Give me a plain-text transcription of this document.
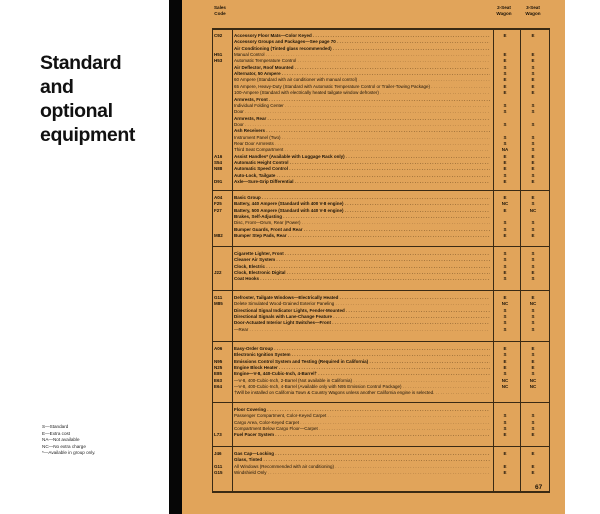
Standard
and
optional
equipment
S—Standard
E—Extra cost
NA—Not available
NC—No extra charge
*—Available in group only.
Sales Code
2-Seat Wagon
3-Seat Wagon
C92	Accessory Floor Mats—Color Keyed . . .	E	E
Accessory Groups and Packages—See page 70 . . .
Air Conditioning (Tinted glass recommended) . . .
H51	Manual Control . . .	E	E
H53	Automatic Temperature Control . . .	E	E
Air Deflector, Roof Mounted . . .	S	S
Alternator, 50 Ampere . . .	S	S
60 Ampere (Standard with air conditioner with manual control) . . .	E	E
65 Ampere, Heavy-Duty (Standard with Automatic Temperature Control or Trailer-Towing Package) . . .	E	E
100-Ampere (Standard with electrically heated tailgate window defroster) . . .	E	E
Armrests, Front . . .
Individual Folding Center . . .	S	S
Door . . .	S	S
Armrests, Rear . . .
Door . . .	S	S
Ash Receivers . . .
Instrument Panel (Two) . . .	S	S
Rear Door Armrests . . .	S	S
Third Seat Compartment . . .	NA	S
A16	Assist Handles* (Available with Luggage Rack only) . . .	E	E
S54	Automatic Height Control . . .	E	E
N88	Automatic Speed Control . . .	E	E
Auto-Lock, Tailgate . . .	S	S
D91	Axle—Sure-Grip Differential . . .	E	E
A04	Basic Group . . .	E	E
F25	Battery, 440 Ampere (Standard with 400 V-8 engine) . . .	NC	S
F27	Battery, 500 Ampere (Standard with 440 V-8 engine) . . .	E	NC
Brakes, Self-Adjusting . . .
Disc, Front—Drum, Rear (Power) . . .	S	S
Bumper Guards, Front and Rear . . .	S	S
M82	Bumper Step Pads, Rear . . .	E	E
Cigarette Lighter, Front . . .	S	S
Cleaner Air System . . .	S	S
Clock, Electric . . .	S	S
J22	Clock, Electronic Digital . . .	E	E
Coat Hooks . . .	S	S
G11	Defroster, Tailgate Windows—Electrically Heated . . .	E	E
M85	Delete Simulated Wood-Grained Exterior Paneling . . .	NC	NC
Directional Signal Indicator Lights, Fender-Mounted . . .	S	S
Directional Signals with Lane-Change Feature . . .	S	S
Door-Actuated Interior Light Switches—Front . . .	S	S
—Rear . . .	S	S
A06	Easy-Order Group . . .	E	E
Electronic Ignition System . . .	S	S
N95	Emissions Control System and Testing (Required in California) . . .	E	E
N25	Engine Block Heater . . .	E	E
E85	Engine—V-8, 440-Cubic-Inch, 4-Barrel† . . .	S	S
E63	—V-8, 400-Cubic-Inch, 2-Barrel (Not available in California) . . .	NC	NC
E64	—V-8, 400-Cubic-Inch, 4-Barrel (Available only with N95 Emission Control Package) . . .	NC	NC
†Will be installed on California Town & Country Wagons unless another California engine is selected. . . .
Floor Covering . . .
Passenger Compartment, Color-Keyed Carpet . . .	S	S
Cargo Area, Color-Keyed Carpet . . .	S	S
Compartment Below Cargo Floor—Carpet . . .	S	S
L73	Fuel Pacer System . . .	E	E
J46	Gas Cap—Locking . . .	E	E
Glass, Tinted . . .
G11	All Windows (Recommended with air conditioning) . . .	E	E
G15	Windshield Only . . .	E	E
67
